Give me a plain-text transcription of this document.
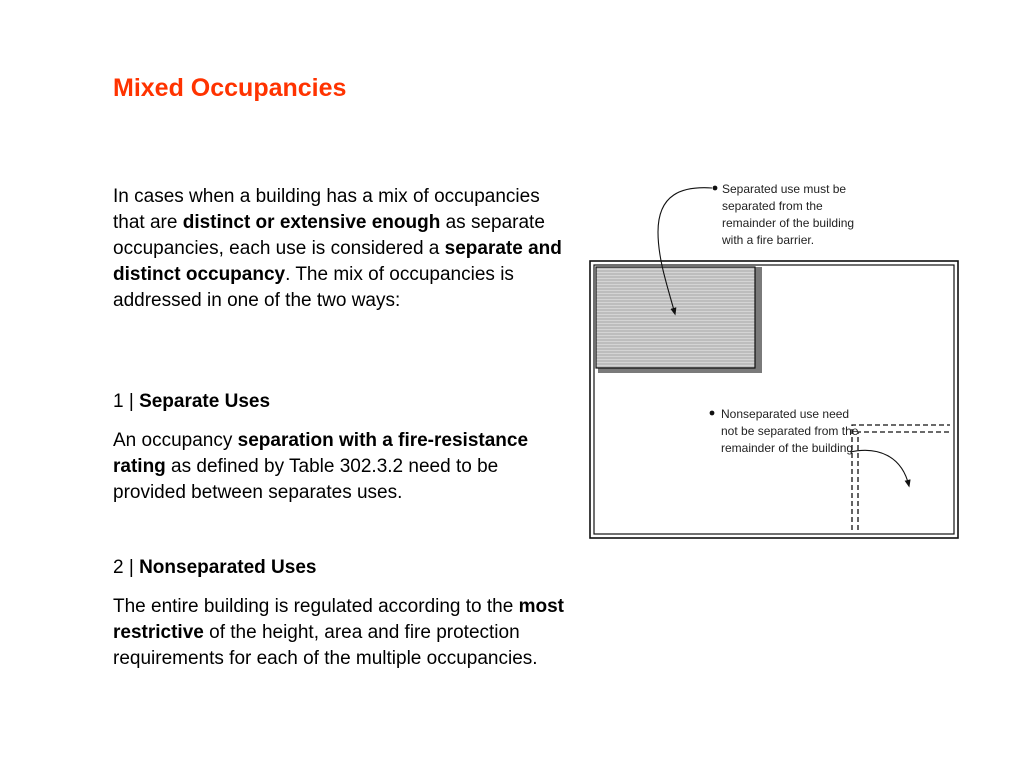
Mixed Occupancies

In cases when a building has a mix of occupancies that are distinct or extensive enough as separate occupancies, each use is considered a separate and distinct occupancy. The mix of occupancies is addressed in one of the two ways:

1 | Separate Uses

An occupancy separation with a fire-resistance rating as defined by Table 302.3.2 need to be provided between separates uses.

2 | Nonseparated Uses

The entire building is regulated according to the most restrictive of the height, area and fire protection requirements for each of the multiple occupancies.

Separated use must be
separated from the
remainder of the building
with a fire barrier.
Nonseparated use need
not be separated from the
remainder of the building
